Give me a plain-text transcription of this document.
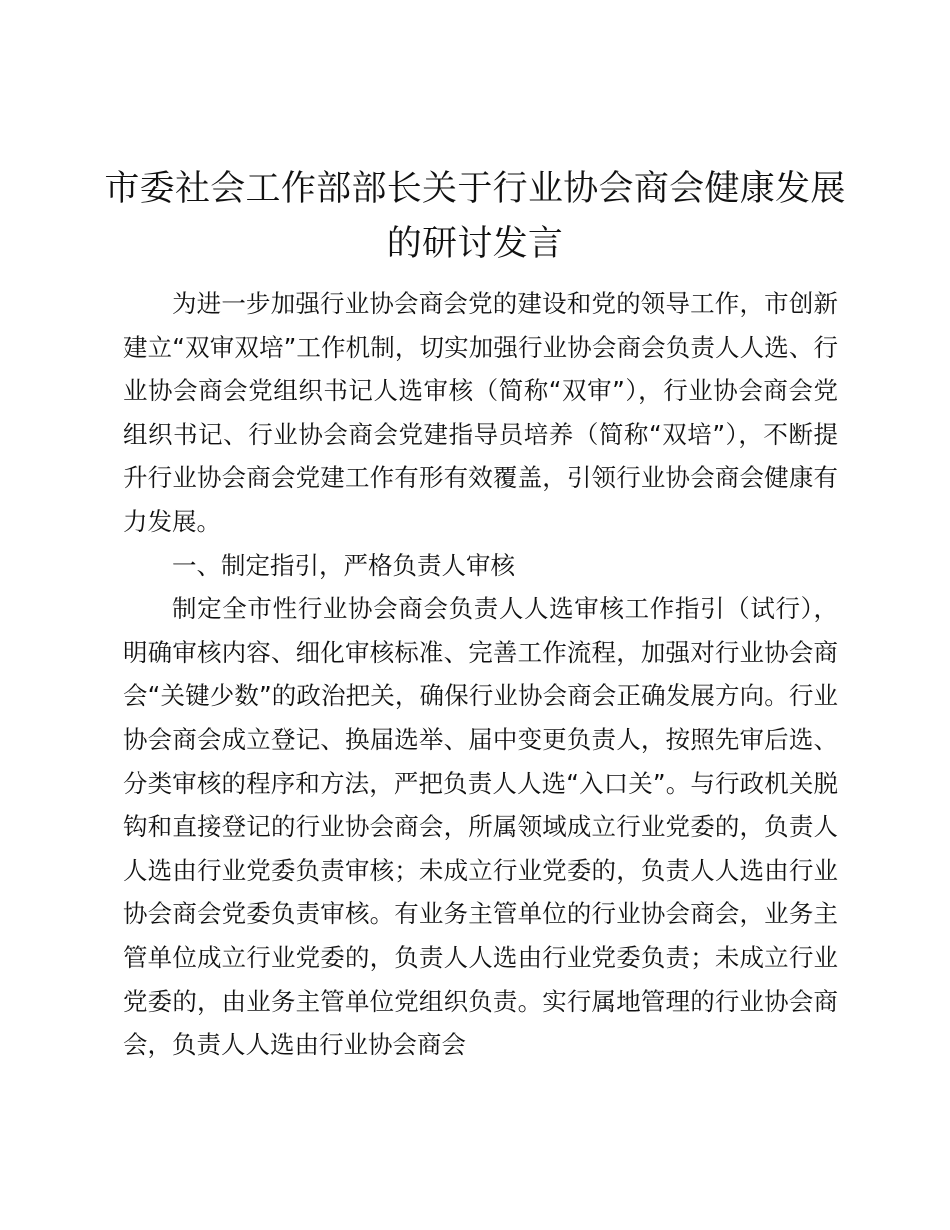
市委社会工作部部长关于行业协会商会健康发展的研讨发言

为进一步加强行业协会商会党的建设和党的领导工作，市创新建立“双审双培”工作机制，切实加强行业协会商会负责人人选、行业协会商会党组织书记人选审核（简称“双审”），行业协会商会党组织书记、行业协会商会党建指导员培养（简称“双培”），不断提升行业协会商会党建工作有形有效覆盖，引领行业协会商会健康有力发展。

一、制定指引，严格负责人审核

制定全市性行业协会商会负责人人选审核工作指引（试行），明确审核内容、细化审核标准、完善工作流程，加强对行业协会商会“关键少数”的政治把关，确保行业协会商会正确发展方向。行业协会商会成立登记、换届选举、届中变更负责人，按照先审后选、分类审核的程序和方法，严把负责人人选“入口关”。与行政机关脱钩和直接登记的行业协会商会，所属领域成立行业党委的，负责人人选由行业党委负责审核；未成立行业党委的，负责人人选由行业协会商会党委负责审核。有业务主管单位的行业协会商会，业务主管单位成立行业党委的，负责人人选由行业党委负责；未成立行业党委的，由业务主管单位党组织负责。实行属地管理的行业协会商会，负责人人选由行业协会商会
